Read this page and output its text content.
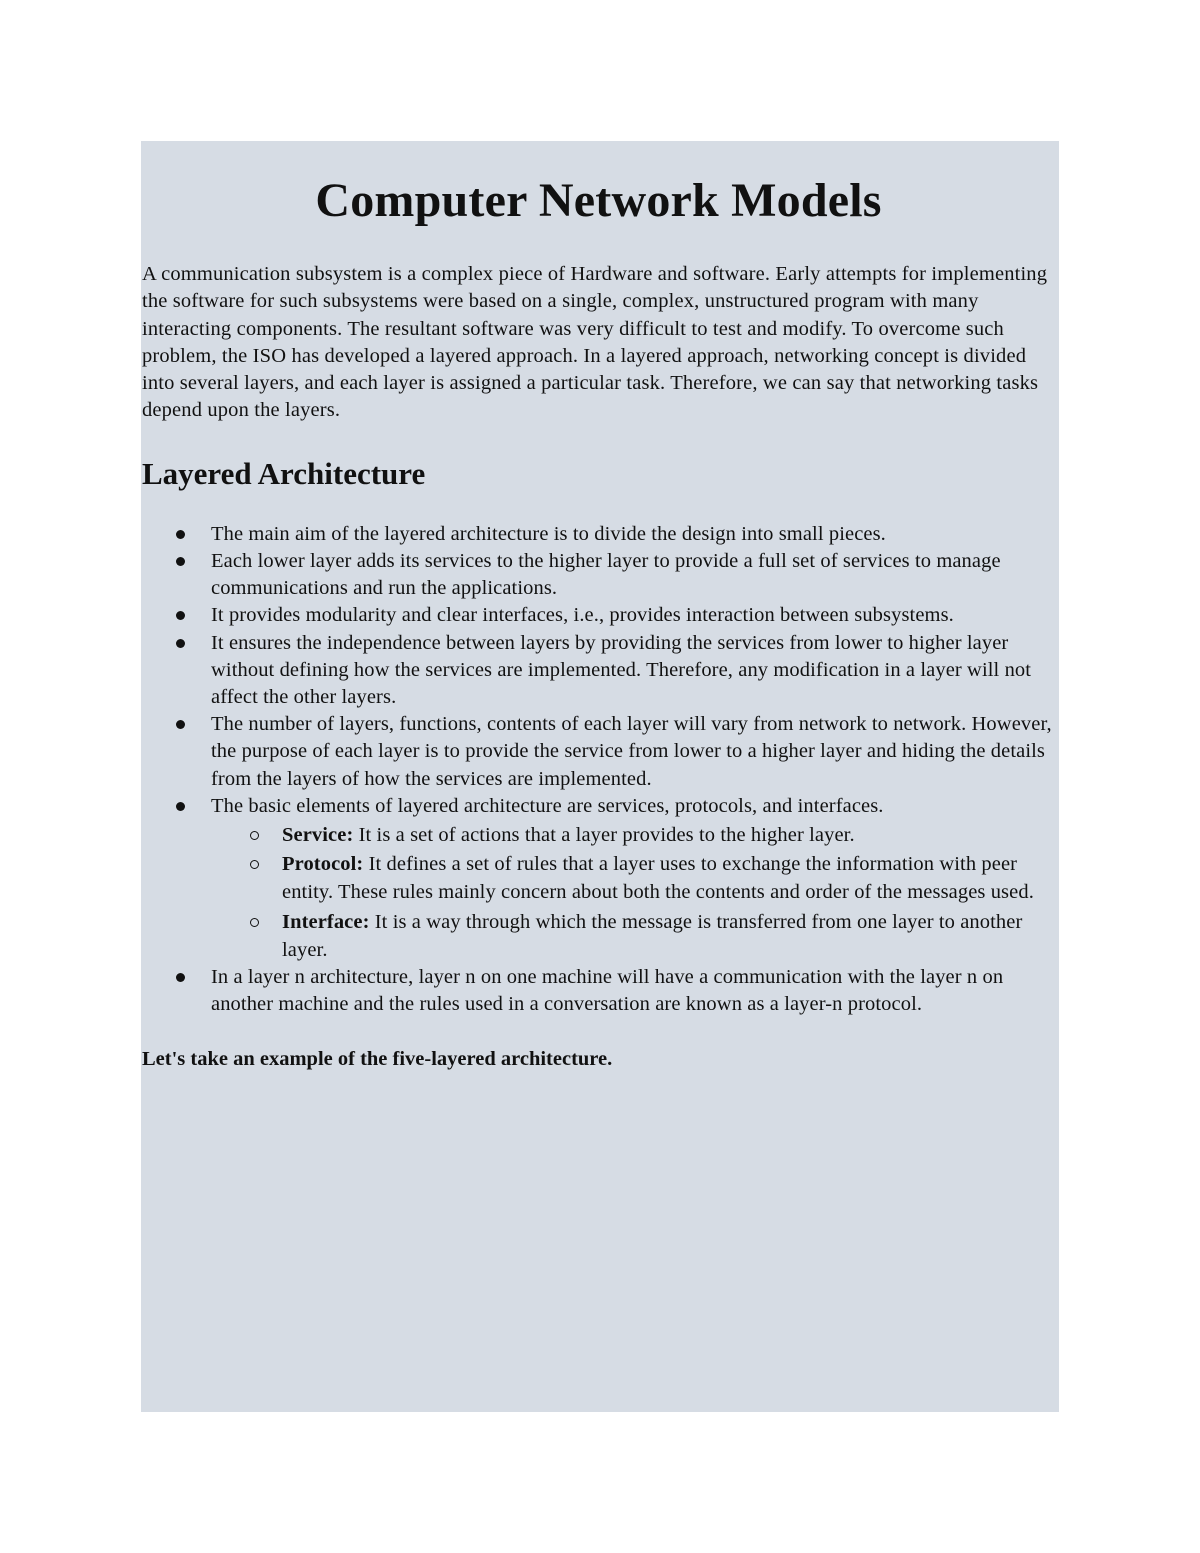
Computer Network Models

A communication subsystem is a complex piece of Hardware and software. Early attempts for implementing the software for such subsystems were based on a single, complex, unstructured program with many interacting components. The resultant software was very difficult to test and modify. To overcome such problem, the ISO has developed a layered approach. In a layered approach, networking concept is divided into several layers, and each layer is assigned a particular task. Therefore, we can say that networking tasks depend upon the layers.

Layered Architecture
The main aim of the layered architecture is to divide the design into small pieces.
Each lower layer adds its services to the higher layer to provide a full set of services to manage communications and run the applications.
It provides modularity and clear interfaces, i.e., provides interaction between subsystems.
It ensures the independence between layers by providing the services from lower to higher layer without defining how the services are implemented. Therefore, any modification in a layer will not affect the other layers.
The number of layers, functions, contents of each layer will vary from network to network. However, the purpose of each layer is to provide the service from lower to a higher layer and hiding the details from the layers of how the services are implemented.
The basic elements of layered architecture are services, protocols, and interfaces.
Service: It is a set of actions that a layer provides to the higher layer.
Protocol: It defines a set of rules that a layer uses to exchange the information with peer entity. These rules mainly concern about both the contents and order of the messages used.
Interface: It is a way through which the message is transferred from one layer to another layer.
In a layer n architecture, layer n on one machine will have a communication with the layer n on another machine and the rules used in a conversation are known as a layer-n protocol.

Let's take an example of the five-layered architecture.
